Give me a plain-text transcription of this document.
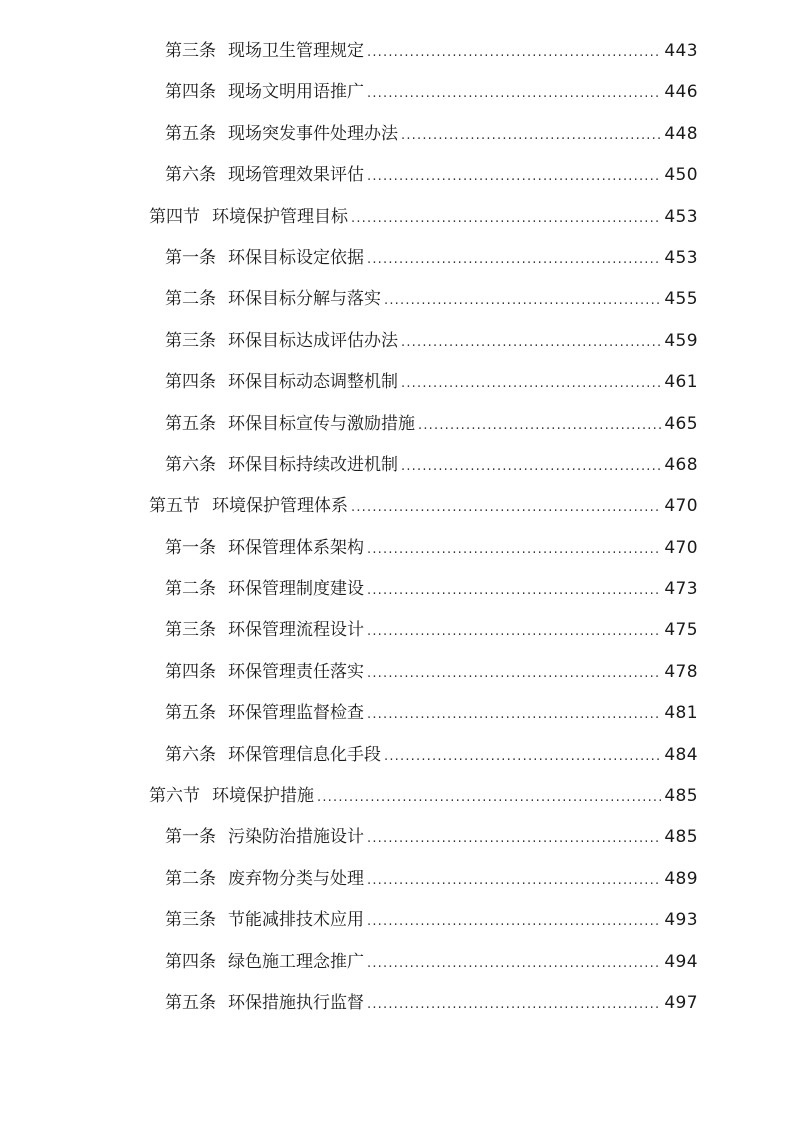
第三条 现场卫生管理规定 .....	443
第四条 现场文明用语推广 .....	446
第五条 现场突发事件处理办法 .....	448
第六条 现场管理效果评估 .....	450
第四节 环境保护管理目标 .....	453
第一条 环保目标设定依据 .....	453
第二条 环保目标分解与落实 .....	455
第三条 环保目标达成评估办法 .....	459
第四条 环保目标动态调整机制 .....	461
第五条 环保目标宣传与激励措施 .....	465
第六条 环保目标持续改进机制 .....	468
第五节 环境保护管理体系 .....	470
第一条 环保管理体系架构 .....	470
第二条 环保管理制度建设 .....	473
第三条 环保管理流程设计 .....	475
第四条 环保管理责任落实 .....	478
第五条 环保管理监督检查 .....	481
第六条 环保管理信息化手段 .....	484
第六节 环境保护措施 .....	485
第一条 污染防治措施设计 .....	485
第二条 废弃物分类与处理 .....	489
第三条 节能减排技术应用 .....	493
第四条 绿色施工理念推广 .....	494
第五条 环保措施执行监督 .....	497
